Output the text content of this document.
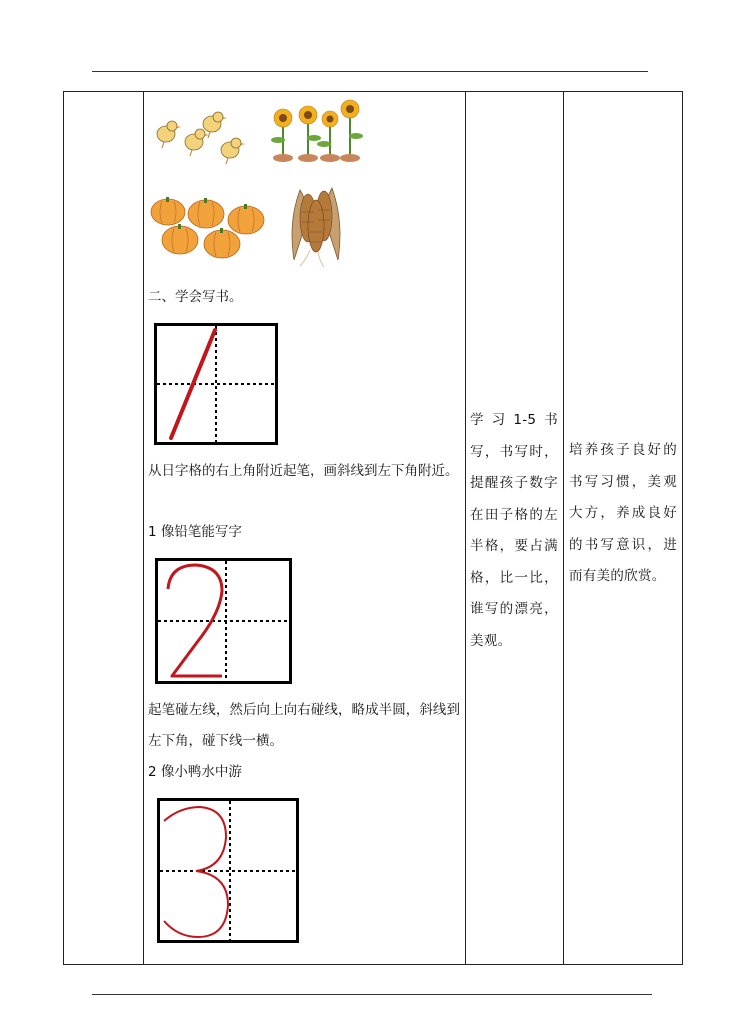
二、学会写书。
从日字格的右上角附近起笔，画斜线到左下角附近。
1 像铅笔能写字
起笔碰左线，然后向上向右碰线，略成半圆，斜线到左下角，碰下线一横。
2 像小鸭水中游
学习1-5书写，书写时，提醒孩子数字在田子格的左半格，要占满格，比一比，谁写的漂亮，美观。
培养孩子良好的书写习惯，美观大方，养成良好的书写意识，进而有美的欣赏。
